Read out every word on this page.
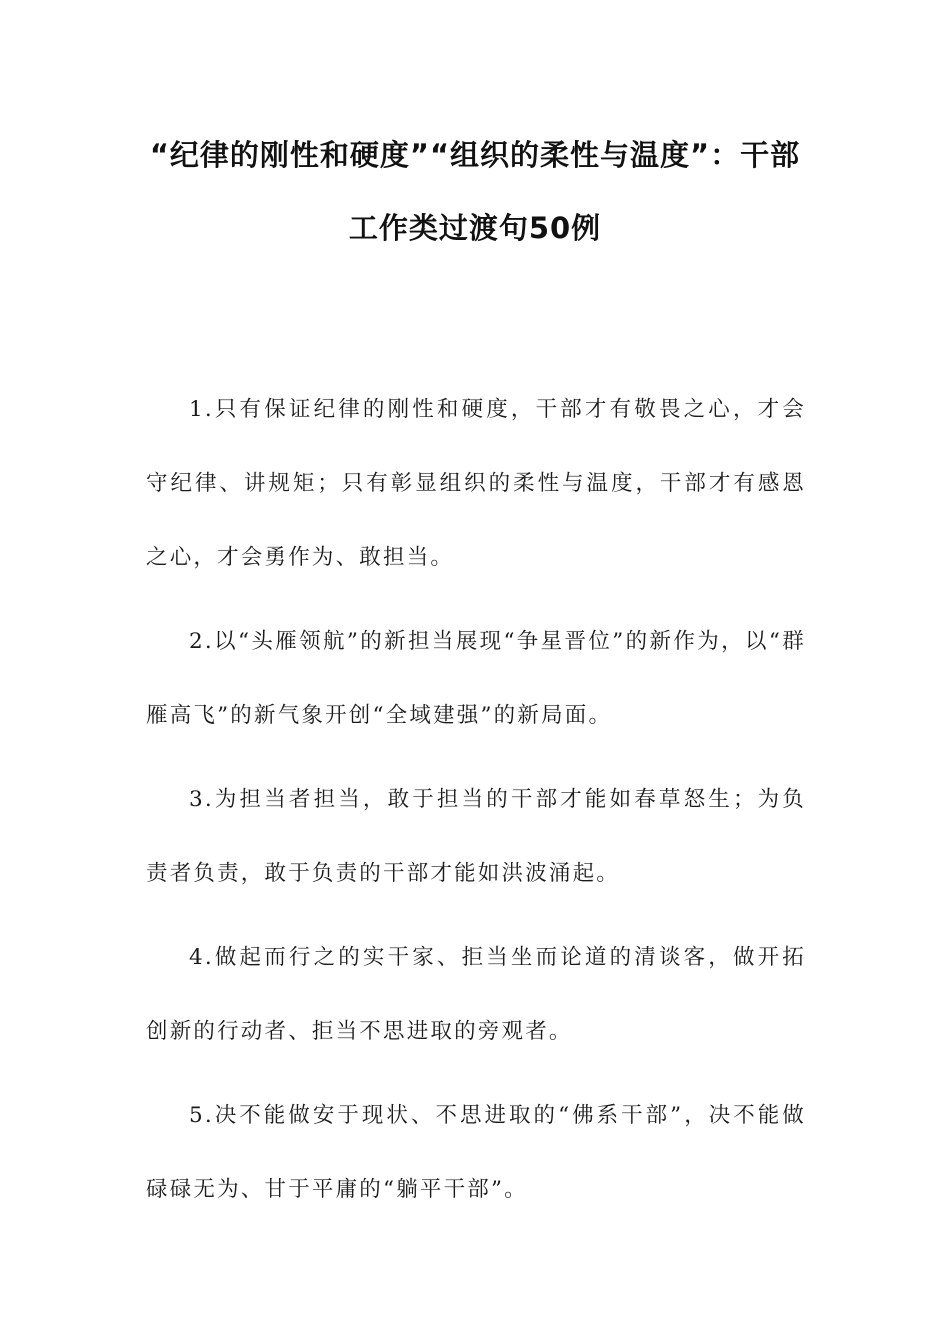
“纪律的刚性和硬度”“组织的柔性与温度”：干部
工作类过渡句50例

1.只有保证纪律的刚性和硬度，干部才有敬畏之心，才会守纪律、讲规矩；只有彰显组织的柔性与温度，干部才有感恩之心，才会勇作为、敢担当。

2.以“头雁领航”的新担当展现“争星晋位”的新作为，以“群雁高飞”的新气象开创“全域建强”的新局面。

3.为担当者担当，敢于担当的干部才能如春草怒生；为负责者负责，敢于负责的干部才能如洪波涌起。

4.做起而行之的实干家、拒当坐而论道的清谈客，做开拓创新的行动者、拒当不思进取的旁观者。

5.决不能做安于现状、不思进取的“佛系干部”，决不能做碌碌无为、甘于平庸的“躺平干部”。
